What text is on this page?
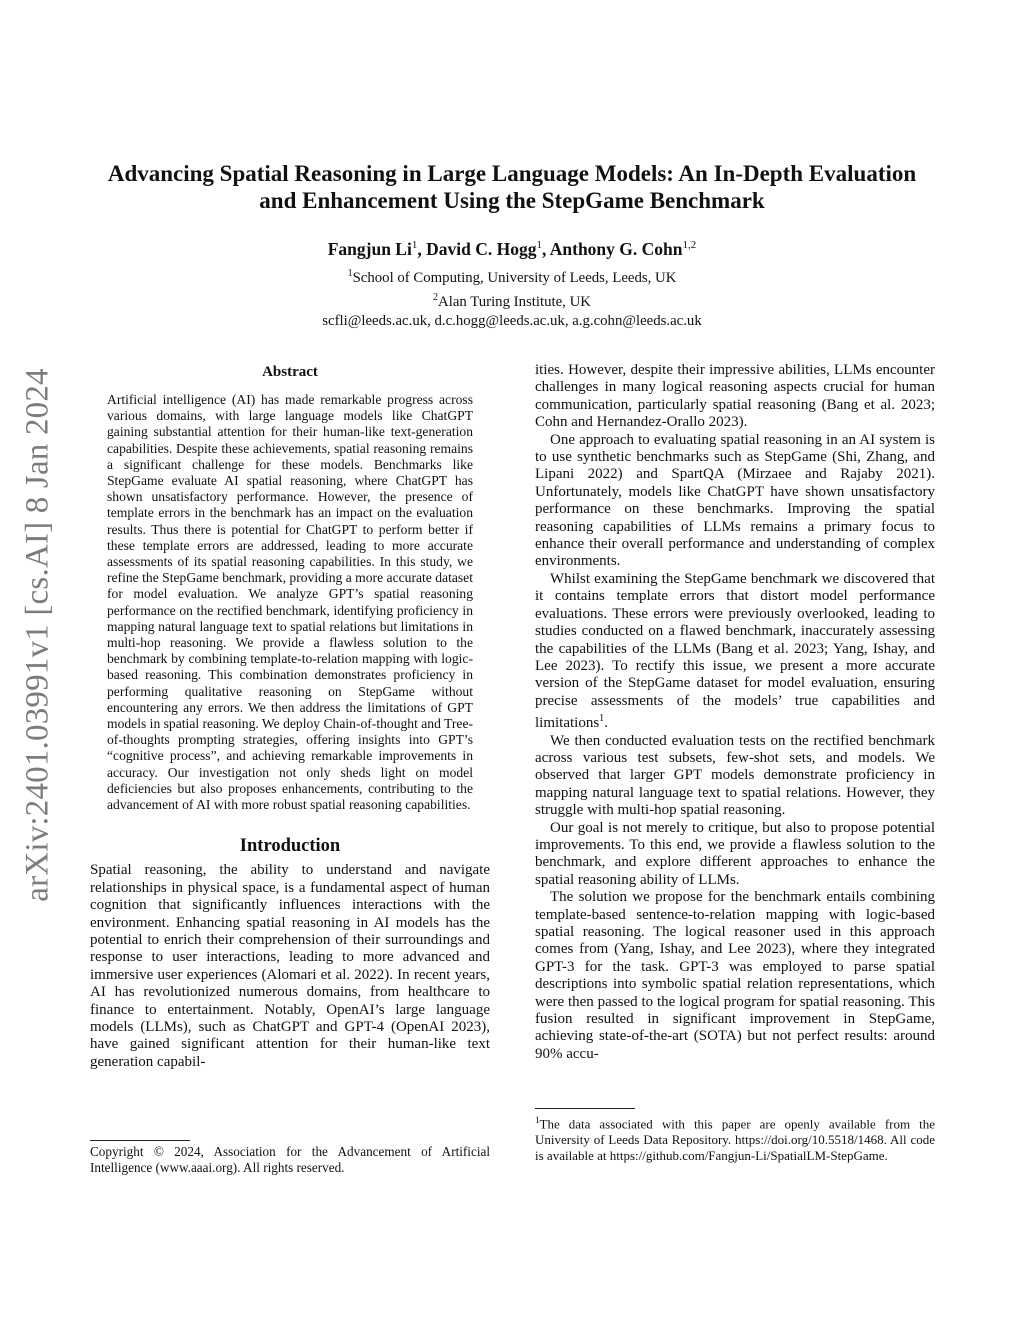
arXiv:2401.03991v1 [cs.AI] 8 Jan 2024
Advancing Spatial Reasoning in Large Language Models: An In-Depth Evaluation
and Enhancement Using the StepGame Benchmark
Fangjun Li$^1$, David C. Hogg$^1$, Anthony G. Cohn$^{1,2}$
$^1$School of Computing, University of Leeds, Leeds, UK
$^2$Alan Turing Institute, UK
scfli@leeds.ac.uk, d.c.hogg@leeds.ac.uk, a.g.cohn@leeds.ac.uk
Abstract
Artificial intelligence (AI) has made remarkable progress across various domains, with large language models like ChatGPT gaining substantial attention for their human-like text-generation capabilities. Despite these achievements, spatial reasoning remains a significant challenge for these models. Benchmarks like StepGame evaluate AI spatial reasoning, where ChatGPT has shown unsatisfactory performance. However, the presence of template errors in the benchmark has an impact on the evaluation results. Thus there is potential for ChatGPT to perform better if these template errors are addressed, leading to more accurate assessments of its spatial reasoning capabilities. In this study, we refine the StepGame benchmark, providing a more accurate dataset for model evaluation. We analyze GPT’s spatial reasoning performance on the rectified benchmark, identifying proficiency in mapping natural language text to spatial relations but limitations in multi-hop reasoning. We provide a flawless solution to the benchmark by combining template-to-relation mapping with logic-based reasoning. This combination demonstrates proficiency in performing qualitative reasoning on StepGame without encountering any errors. We then address the limitations of GPT models in spatial reasoning. We deploy Chain-of-thought and Tree-of-thoughts prompting strategies, offering insights into GPT’s “cognitive process”, and achieving remarkable improvements in accuracy. Our investigation not only sheds light on model deficiencies but also proposes enhancements, contributing to the advancement of AI with more robust spatial reasoning capabilities.
Introduction
Spatial reasoning, the ability to understand and navigate relationships in physical space, is a fundamental aspect of human cognition that significantly influences interactions with the environment. Enhancing spatial reasoning in AI models has the potential to enrich their comprehension of their surroundings and response to user interactions, leading to more advanced and immersive user experiences (Alomari et al. 2022). In recent years, AI has revolutionized numerous domains, from healthcare to finance to entertainment. Notably, OpenAI’s large language models (LLMs), such as ChatGPT and GPT-4 (OpenAI 2023), have gained significant attention for their human-like text generation capabil-
Copyright © 2024, Association for the Advancement of Artificial Intelligence (www.aaai.org). All rights reserved.

ities. However, despite their impressive abilities, LLMs encounter challenges in many logical reasoning aspects crucial for human communication, particularly spatial reasoning (Bang et al. 2023; Cohn and Hernandez-Orallo 2023).

One approach to evaluating spatial reasoning in an AI system is to use synthetic benchmarks such as StepGame (Shi, Zhang, and Lipani 2022) and SpartQA (Mirzaee and Rajaby 2021). Unfortunately, models like ChatGPT have shown unsatisfactory performance on these benchmarks. Improving the spatial reasoning capabilities of LLMs remains a primary focus to enhance their overall performance and understanding of complex environments.

Whilst examining the StepGame benchmark we discovered that it contains template errors that distort model performance evaluations. These errors were previously overlooked, leading to studies conducted on a flawed benchmark, inaccurately assessing the capabilities of the LLMs (Bang et al. 2023; Yang, Ishay, and Lee 2023). To rectify this issue, we present a more accurate version of the StepGame dataset for model evaluation, ensuring precise assessments of the models’ true capabilities and limitations$^1$.

We then conducted evaluation tests on the rectified benchmark across various test subsets, few-shot sets, and models. We observed that larger GPT models demonstrate proficiency in mapping natural language text to spatial relations. However, they struggle with multi-hop spatial reasoning.

Our goal is not merely to critique, but also to propose potential improvements. To this end, we provide a flawless solution to the benchmark, and explore different approaches to enhance the spatial reasoning ability of LLMs.

The solution we propose for the benchmark entails combining template-based sentence-to-relation mapping with logic-based spatial reasoning. The logical reasoner used in this approach comes from (Yang, Ishay, and Lee 2023), where they integrated GPT-3 for the task. GPT-3 was employed to parse spatial descriptions into symbolic spatial relation representations, which were then passed to the logical program for spatial reasoning. This fusion resulted in significant improvement in StepGame, achieving state-of-the-art (SOTA) but not perfect results: around 90% accu-

$^1$The data associated with this paper are openly available from the University of Leeds Data Repository. https://doi.org/10.5518/1468. All code is available at https://github.com/Fangjun-Li/SpatialLM-StepGame.
